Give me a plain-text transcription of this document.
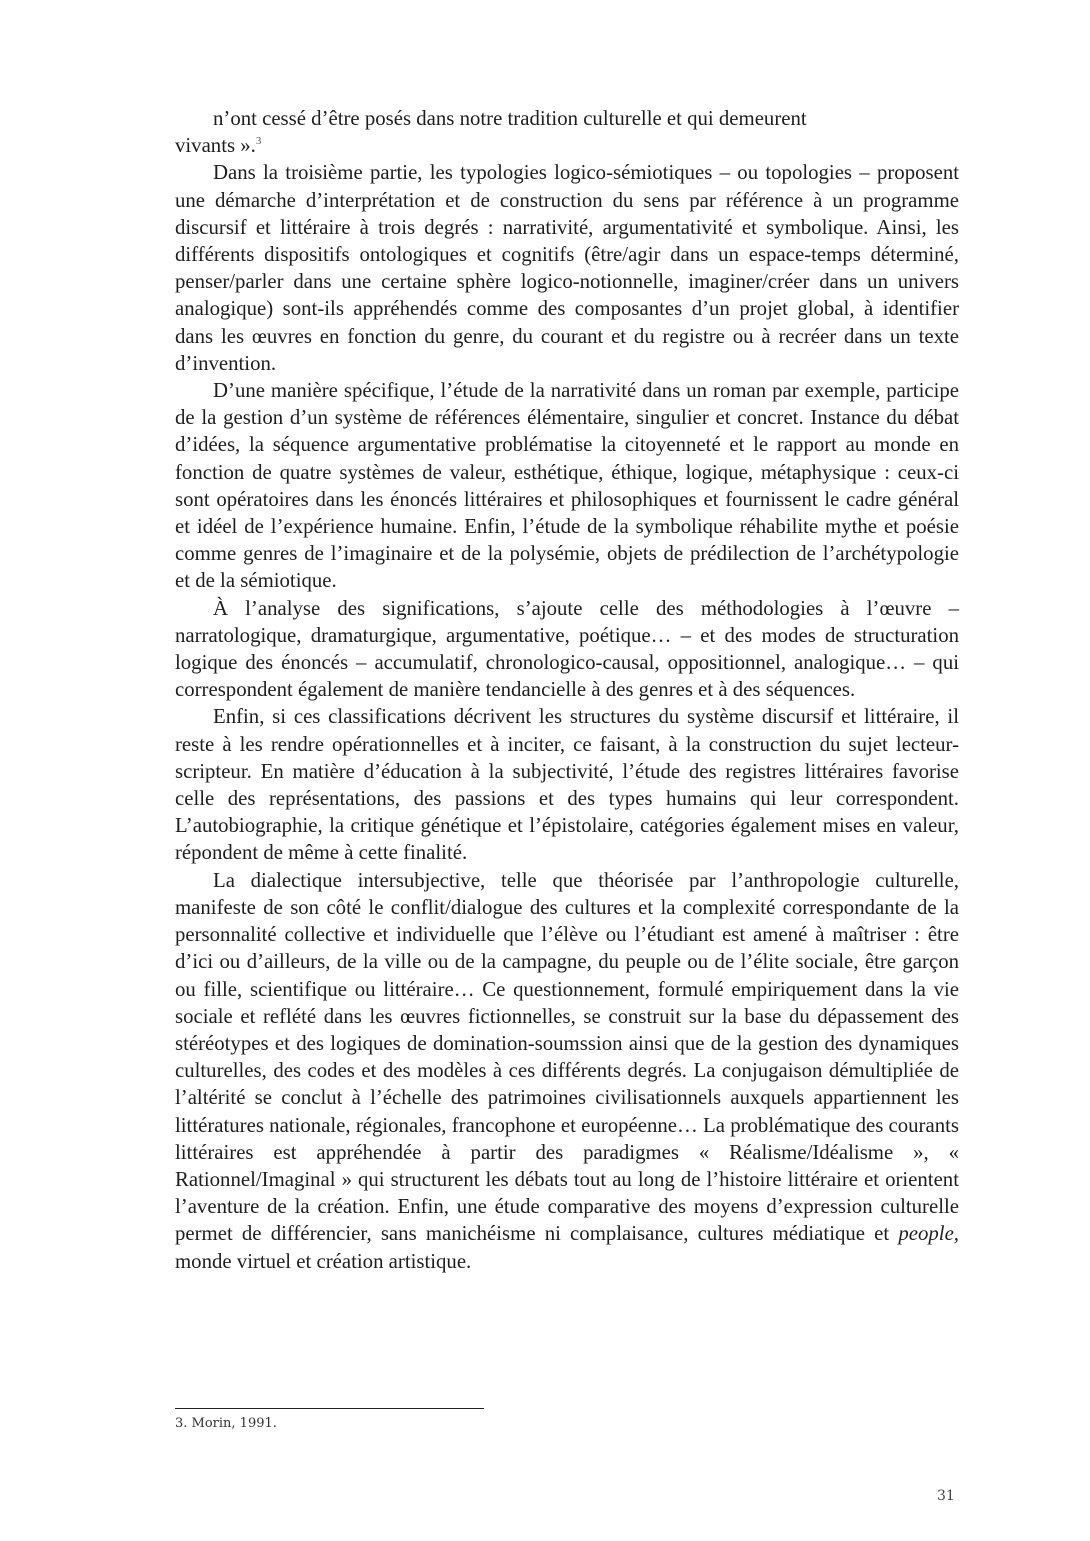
n’ont cessé d’être posés dans notre tradition culturelle et qui demeurent
vivants ».$^3$

Dans la troisième partie, les typologies logico-sémiotiques – ou topologies – proposent une démarche d’interprétation et de construction du sens par référence à un programme discursif et littéraire à trois degrés : narrativité, argumentativité et symbolique. Ainsi, les différents dispositifs ontologiques et cognitifs (être/agir dans un espace-temps déterminé, penser/parler dans une certaine sphère logico-notionnelle, imaginer/créer dans un univers analogique) sont-ils appréhendés comme des composantes d’un projet global, à identifier dans les œuvres en fonction du genre, du courant et du registre ou à recréer dans un texte d’invention.

D’une manière spécifique, l’étude de la narrativité dans un roman par exemple, participe de la gestion d’un système de références élémentaire, singulier et concret. Instance du débat d’idées, la séquence argumentative problématise la citoyenneté et le rapport au monde en fonction de quatre systèmes de valeur, esthétique, éthique, logique, métaphysique : ceux-ci sont opératoires dans les énoncés littéraires et philosophiques et fournissent le cadre général et idéel de l’expérience humaine. Enfin, l’étude de la symbolique réhabilite mythe et poésie comme genres de l’imaginaire et de la polysémie, objets de prédilection de l’archétypologie et de la sémiotique.

À l’analyse des significations, s’ajoute celle des méthodologies à l’œuvre – narratologique, dramaturgique, argumentative, poétique… – et des modes de structuration logique des énoncés – accumulatif, chronologico-causal, oppositionnel, analogique… – qui correspondent également de manière tendancielle à des genres et à des séquences.

Enfin, si ces classifications décrivent les structures du système discursif et littéraire, il reste à les rendre opérationnelles et à inciter, ce faisant, à la construction du sujet lecteur-scripteur. En matière d’éducation à la subjectivité, l’étude des registres littéraires favorise celle des représentations, des passions et des types humains qui leur correspondent. L’autobiographie, la critique génétique et l’épistolaire, catégories également mises en valeur, répondent de même à cette finalité.

La dialectique intersubjective, telle que théorisée par l’anthropologie culturelle, manifeste de son côté le conflit/dialogue des cultures et la complexité correspondante de la personnalité collective et individuelle que l’élève ou l’étudiant est amené à maîtriser : être d’ici ou d’ailleurs, de la ville ou de la campagne, du peuple ou de l’élite sociale, être garçon ou fille, scientifique ou littéraire… Ce questionnement, formulé empiriquement dans la vie sociale et reflété dans les œuvres fictionnelles, se construit sur la base du dépassement des stéréotypes et des logiques de domination-soumssion ainsi que de la gestion des dynamiques culturelles, des codes et des modèles à ces différents degrés. La conjugaison démultipliée de l’altérité se conclut à l’échelle des patrimoines civilisationnels auxquels appartiennent les littératures nationale, régionales, francophone et européenne… La problématique des courants littéraires est appréhendée à partir des paradigmes « Réalisme/Idéalisme », « Rationnel/Imaginal » qui structurent les débats tout au long de l’histoire littéraire et orientent l’aventure de la création. Enfin, une étude comparative des moyens d’expression culturelle permet de différencier, sans manichéisme ni complaisance, cultures médiatique et people, monde virtuel et création artistique.

3. Morin, 1991.
31
